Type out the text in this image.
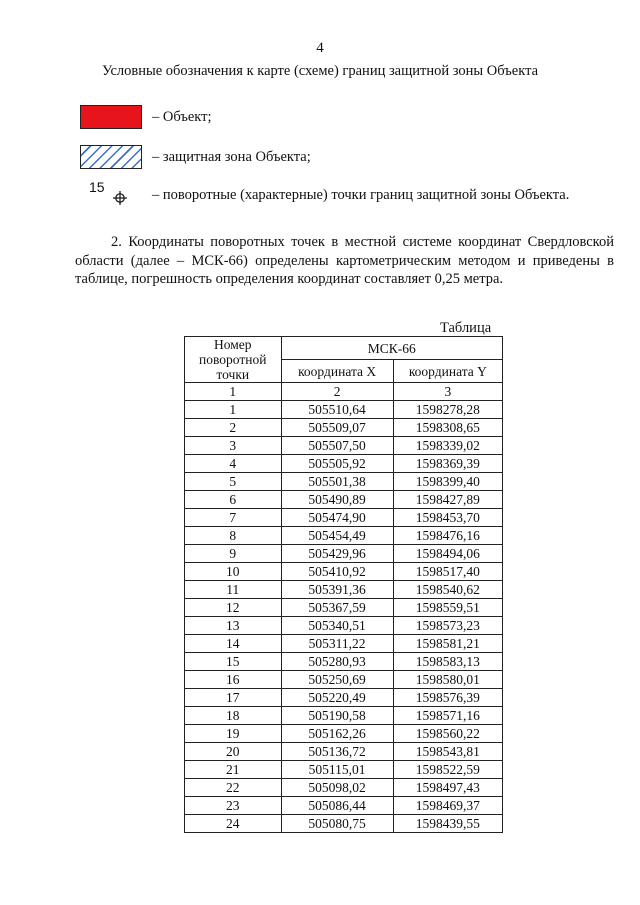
4
Условные обозначения к карте (схеме) границ защитной зоны Объекта
– Объект;
– защитная зона Объекта;
15	– поворотные (характерные) точки границ защитной зоны Объекта.
2. Координаты поворотных точек в местной системе координат Свердловской области (далее – МСК-66) определены картометрическим методом и приведены в таблице, погрешность определения координат составляет 0,25 метра.
Таблица
Номер поворотной точки	МСК-66	
	координата X	координата Y
1	2	3
1	505510,64	1598278,28
2	505509,07	1598308,65
3	505507,50	1598339,02
4	505505,92	1598369,39
5	505501,38	1598399,40
6	505490,89	1598427,89
7	505474,90	1598453,70
8	505454,49	1598476,16
9	505429,96	1598494,06
10	505410,92	1598517,40
11	505391,36	1598540,62
12	505367,59	1598559,51
13	505340,51	1598573,23
14	505311,22	1598581,21
15	505280,93	1598583,13
16	505250,69	1598580,01
17	505220,49	1598576,39
18	505190,58	1598571,16
19	505162,26	1598560,22
20	505136,72	1598543,81
21	505115,01	1598522,59
22	505098,02	1598497,43
23	505086,44	1598469,37
24	505080,75	1598439,55
